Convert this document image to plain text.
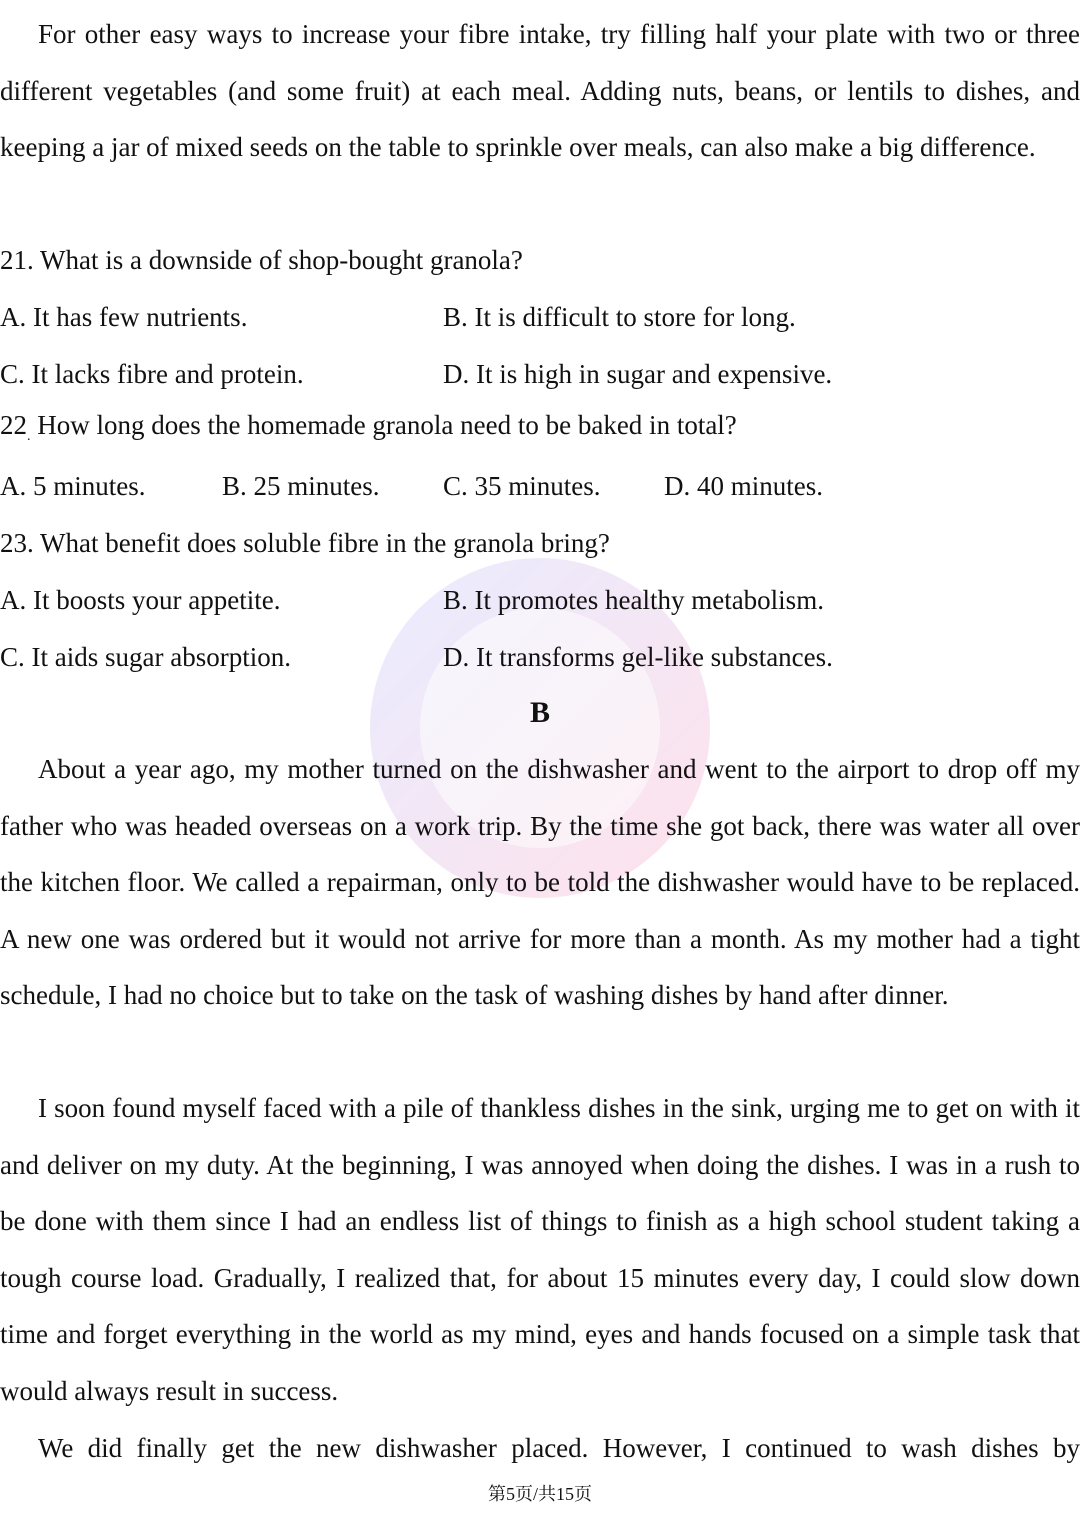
For other easy ways to increase your fibre intake, try filling half your plate with two or three different vegetables (and some fruit) at each meal. Adding nuts, beans, or lentils to dishes, and keeping a jar of mixed seeds on the table to sprinkle over meals, can also make a big difference.

21. What is a downside of shop-bought granola?
A. It has few nutrients.	B. It is difficult to store for long.
C. It lacks fibre and protein.	D. It is high in sugar and expensive.
$22_.$ How long does the homemade granola need to be baked in total?
A. 5 minutes.	B. 25 minutes. C. 35 minutes. D. 40 minutes.
23. What benefit does soluble fibre in the granola bring?
A. It boosts your appetite.	B. It promotes healthy metabolism.
C. It aids sugar absorption.	D. It transforms gel-like substances.
B

About a year ago, my mother turned on the dishwasher and went to the airport to drop off my father who was headed overseas on a work trip. By the time she got back, there was water all over the kitchen floor. We called a repairman, only to be told the dishwasher would have to be replaced. A new one was ordered but it would not arrive for more than a month. As my mother had a tight schedule, I had no choice but to take on the task of washing dishes by hand after dinner.

I soon found myself faced with a pile of thankless dishes in the sink, urging me to get on with it and deliver on my duty. At the beginning, I was annoyed when doing the dishes. I was in a rush to be done with them since I had an endless list of things to finish as a high school student taking a tough course load. Gradually, I realized that, for about 15 minutes every day, I could slow down time and forget everything in the world as my mind, eyes and hands focused on a simple task that would always result in success.

We did finally get the new dishwasher placed. However, I continued to wash dishes by

第5页/共15页
